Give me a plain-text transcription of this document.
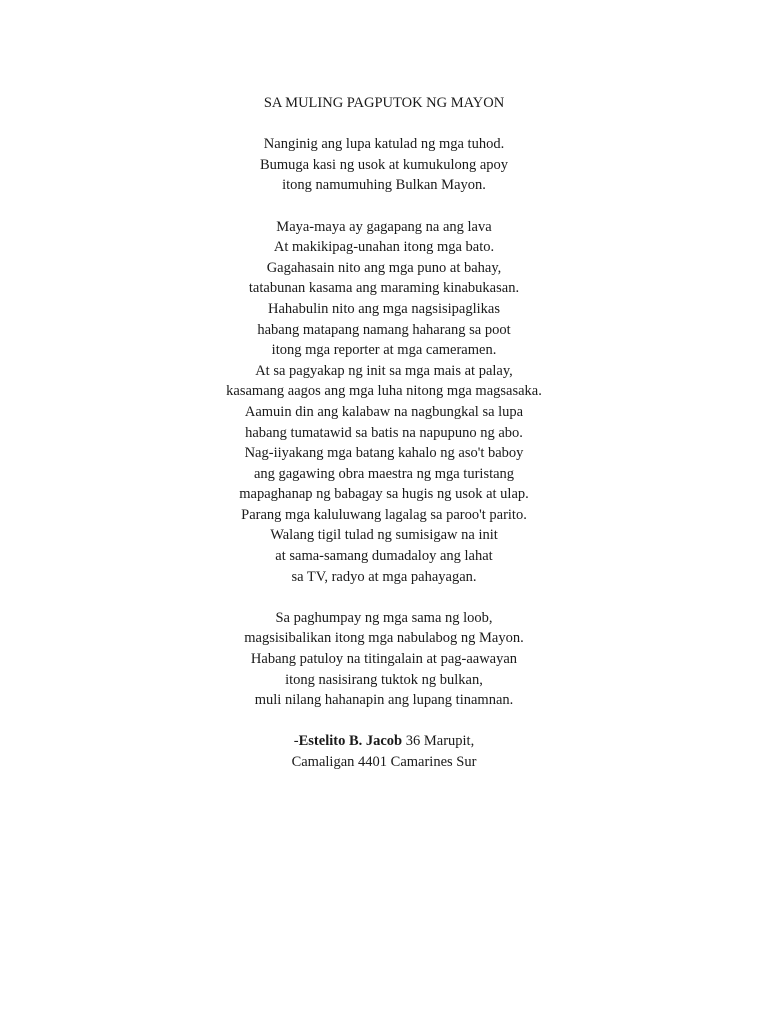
SA MULING PAGPUTOK NG MAYON
Nanginig ang lupa katulad ng mga tuhod.
Bumuga kasi ng usok at kumukulong apoy
itong namumuhing Bulkan Mayon.
Maya-maya ay gagapang na ang lava
At makikipag-unahan itong mga bato.
Gagahasain nito ang mga puno at bahay,
tatabunan kasama ang maraming kinabukasan.
Hahabulin nito ang mga nagsisipaglikas
habang matapang namang haharang sa poot
itong mga reporter at mga cameramen.
At sa pagyakap ng init sa mga mais at palay,
kasamang aagos ang mga luha nitong mga magsasaka.
Aamuin din ang kalabaw na nagbungkal sa lupa
habang tumatawid sa batis na napupuno ng abo.
Nag-iiyakang mga batang kahalo ng aso't baboy
ang gagawing obra maestra ng mga turistang
mapaghanap ng babagay sa hugis ng usok at ulap.
Parang mga kaluluwang lagalag sa paroo't parito.
Walang tigil tulad ng sumisigaw na init
at sama-samang dumadaloy ang lahat
sa TV, radyo at mga pahayagan.
Sa paghumpay ng mga sama ng loob,
magsisibalikan itong mga nabulabog ng Mayon.
Habang patuloy na titingalain at pag-aawayan
itong nasisirang tuktok ng bulkan,
muli nilang hahanapin ang lupang tinamnan.
-Estelito B. Jacob 36 Marupit,
Camaligan 4401 Camarines Sur
